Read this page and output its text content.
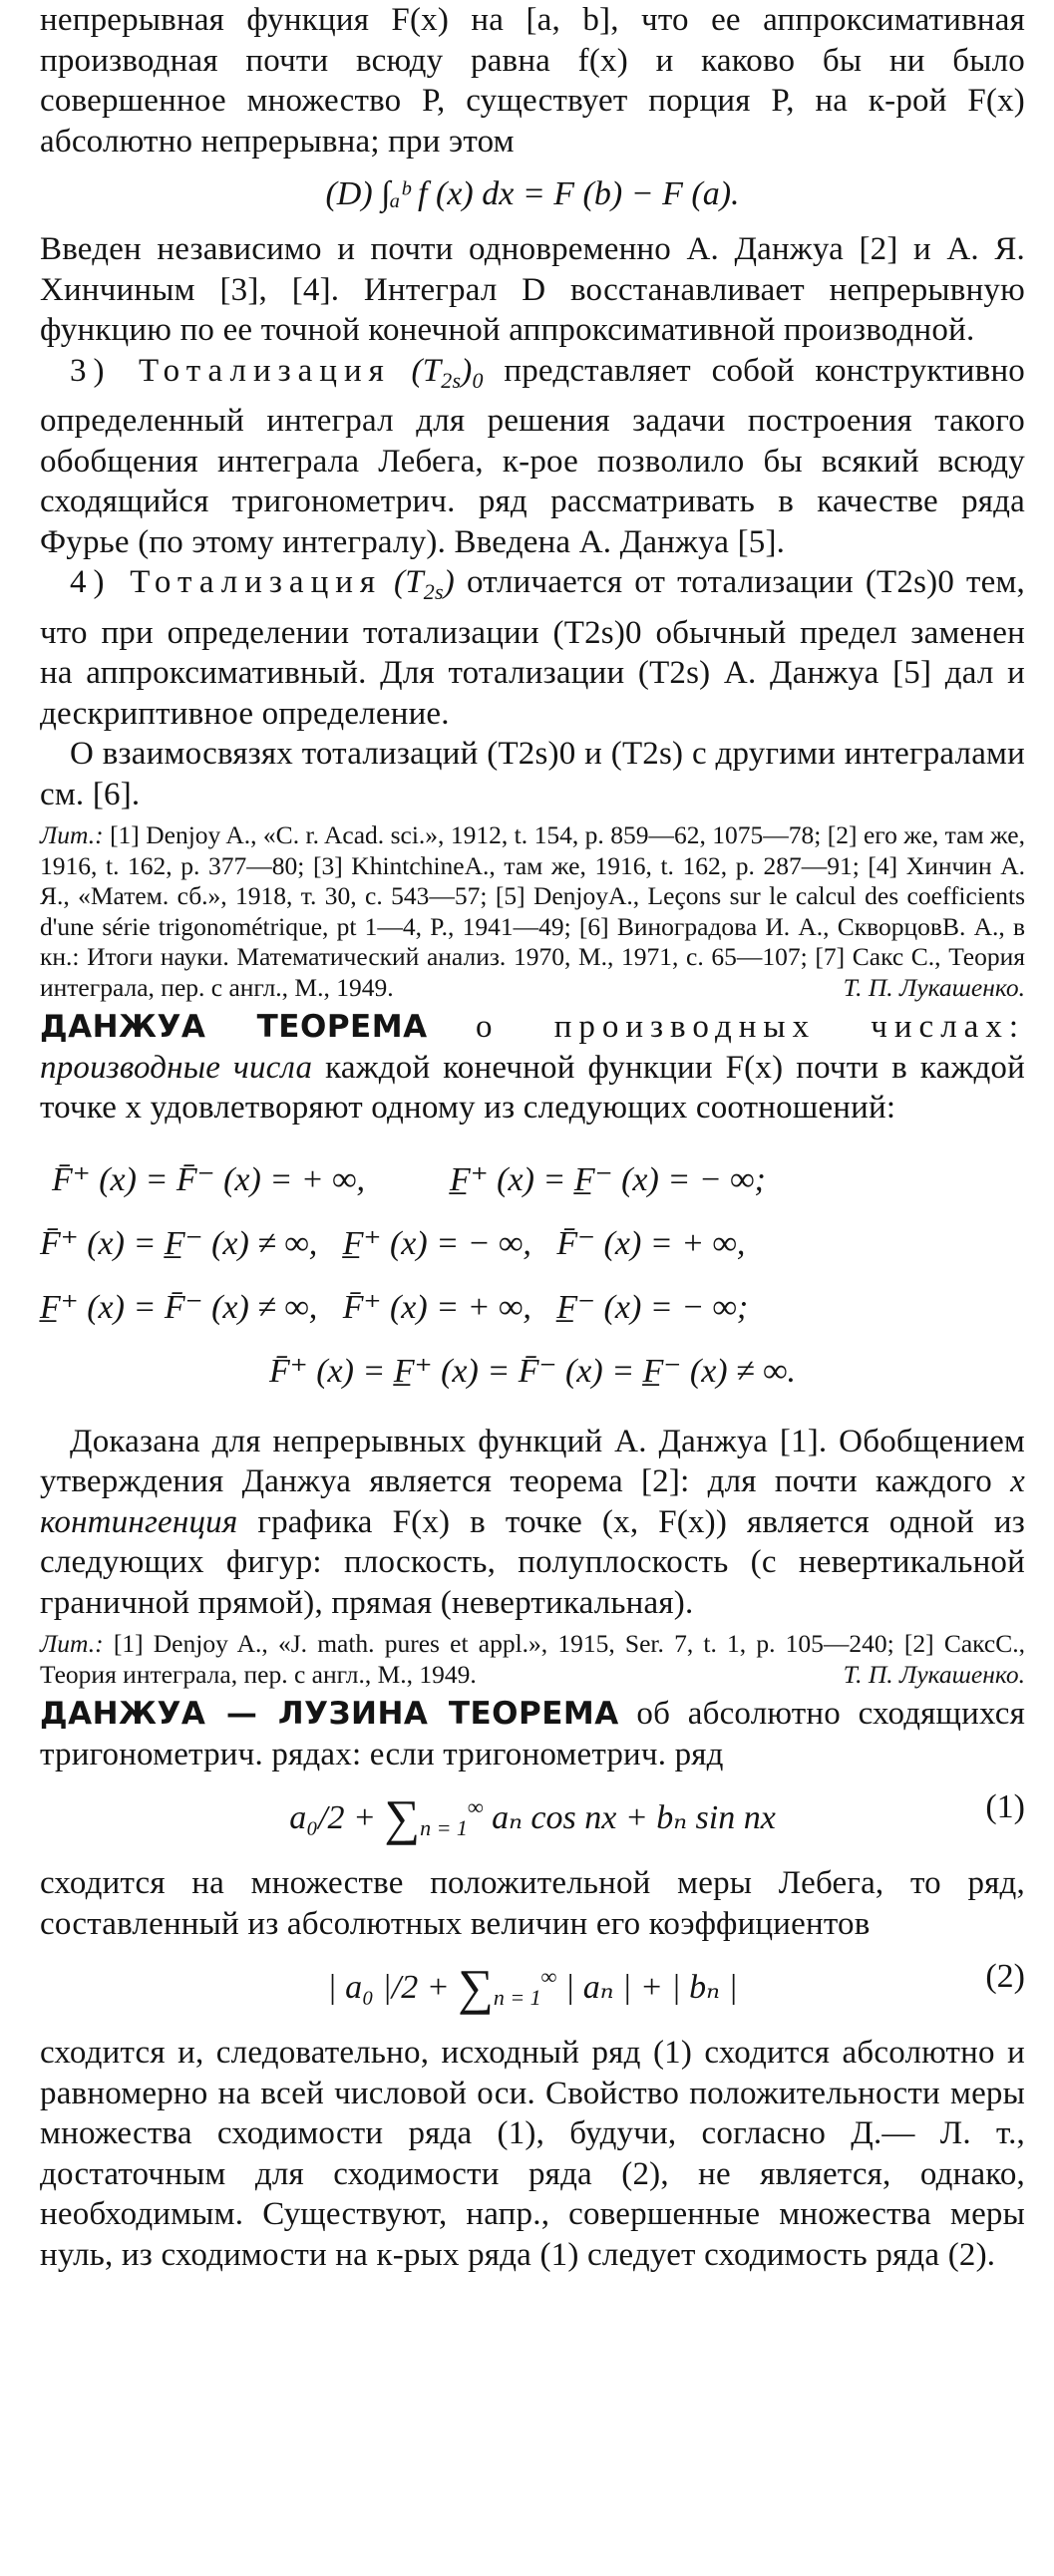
непрерывная функция F(x) на [a, b], что ее аппроксимативная производная почти всюду равна f(x) и каково бы ни было совершенное множество P, существует порция P, на к-рой F(x) абсолютно непрерывна; при этом

(D) ∫ₐᵇ f (x) dx = F (b) − F (a).

Введен независимо и почти одновременно А. Данжуа [2] и А. Я. Хинчиным [3], [4]. Интеграл D восстанавливает непрерывную функцию по ее точной конечной аппроксимативной производной.

3) Тотализация $(T_{2s})_0$ представляет собой конструктивно определенный интеграл для решения задачи построения такого обобщения интеграла Лебега, к-рое позволило бы всякий всюду сходящийся тригонометрич. ряд рассматривать в качестве ряда Фурье (по этому интегралу). Введена А. Данжуа [5].

4) Тотализация $(T_{2s})$ отличается от тотализации (T2s)0 тем, что при определении тотализации (T2s)0 обычный предел заменен на аппроксимативный. Для тотализации (T2s) А. Данжуа [5] дал и дескриптивное определение.

О взаимосвязях тотализаций (T2s)0 и (T2s) с другими интегралами см. [6].

Лит.: [1] Denjoy A., «C. r. Acad. sci.», 1912, t. 154, p. 859—62, 1075—78; [2] его же, там же, 1916, t. 162, p. 377—80; [3] KhintchineA., там же, 1916, t. 162, p. 287—91; [4] Хинчин А. Я., «Матем. сб.», 1918, т. 30, с. 543—57; [5] DenjoyA., Leçons sur le calcul des coefficients d'une série trigonométrique, pt 1—4, P., 1941—49; [6] Виноградова И. А., СкворцовВ. А., в кн.: Итоги науки. Математический анализ. 1970, М., 1971, с. 65—107; [7] Сакс С., Теория интеграла, пер. с англ., М., 1949.	Т. П. Лукашенко.

ДАНЖУА ТЕОРЕМА о производных числах: производные числа каждой конечной функции F(x) почти в каждой точке x удовлетворяют одному из следующих соотношений:

F̄⁺ (x) = F̄⁻ (x) = + ∞,          F̲⁺ (x) = F̲⁻ (x) = − ∞;
F̄⁺ (x) = F̲⁻ (x) ≠ ∞,   F̲⁺ (x) = − ∞,   F̄⁻ (x) = + ∞,
F̲⁺ (x) = F̄⁻ (x) ≠ ∞,   F̄⁺ (x) = + ∞,   F̲⁻ (x) = − ∞;
F̄⁺ (x) = F̲⁺ (x) = F̄⁻ (x) = F̲⁻ (x) ≠ ∞.

Доказана для непрерывных функций А. Данжуа [1]. Обобщением утверждения Данжуа является теорема [2]: для почти каждого x контингенция графика F(x) в точке (x, F(x)) является одной из следующих фигур: плоскость, полуплоскость (с невертикальной граничной прямой), прямая (невертикальная).

Лит.: [1] Denjoy A., «J. math. pures et appl.», 1915, Ser. 7, t. 1, p. 105—240; [2] СаксС., Теория интеграла, пер. с англ., М., 1949.	Т. П. Лукашенко.

ДАНЖУА — ЛУЗИНА ТЕОРЕМА об абсолютно сходящихся тригонометрич. рядах: если тригонометрич. ряд

$a_0/2 + \sum_{n = 1}^\infty$ aₙ cos nx + bₙ sin nx	(1)

сходится на множестве положительной меры Лебега, то ряд, составленный из абсолютных величин его коэффициентов

| a₀ $|/2 + \sum_{n = 1}^\infty$ | aₙ | + | bₙ |	(2)

сходится и, следовательно, исходный ряд (1) сходится абсолютно и равномерно на всей числовой оси. Свойство положительности меры множества сходимости ряда (1), будучи, согласно Д.— Л. т., достаточным для сходимости ряда (2), не является, однако, необходимым. Существуют, напр., совершенные множества меры нуль, из сходимости на к-рых ряда (1) следует сходимость ряда (2).
